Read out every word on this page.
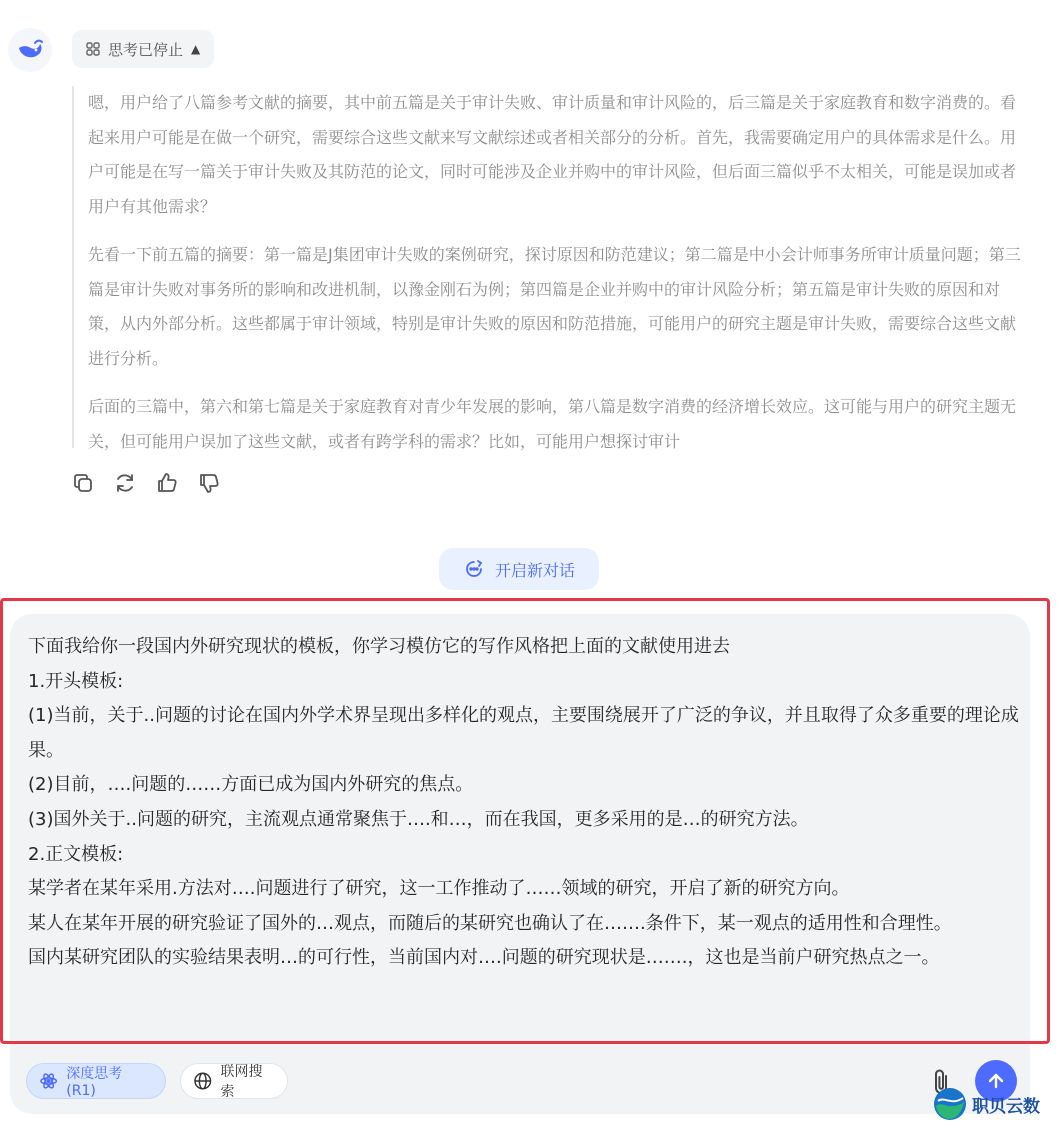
思考已停止 ▲

嗯，用户给了八篇参考文献的摘要，其中前五篇是关于审计失败、审计质量和审计风险的，后三篇是关于家庭教育和数字消费的。看起来用户可能是在做一个研究，需要综合这些文献来写文献综述或者相关部分的分析。首先，我需要确定用户的具体需求是什么。用户可能是在写一篇关于审计失败及其防范的论文，同时可能涉及企业并购中的审计风险，但后面三篇似乎不太相关，可能是误加或者用户有其他需求？

先看一下前五篇的摘要：第一篇是J集团审计失败的案例研究，探讨原因和防范建议；第二篇是中小会计师事务所审计质量问题；第三篇是审计失败对事务所的影响和改进机制，以豫金刚石为例；第四篇是企业并购中的审计风险分析；第五篇是审计失败的原因和对策，从内外部分析。这些都属于审计领域，特别是审计失败的原因和防范措施，可能用户的研究主题是审计失败，需要综合这些文献进行分析。

后面的三篇中，第六和第七篇是关于家庭教育对青少年发展的影响，第八篇是数字消费的经济增长效应。这可能与用户的研究主题无关，但可能用户误加了这些文献，或者有跨学科的需求？比如，可能用户想探讨审计

开启新对话
下面我给你一段国内外研究现状的模板，你学习模仿它的写作风格把上面的文献使用进去
1.开头模板:
(1)当前，关于..问题的讨论在国内外学术界呈现出多样化的观点，主要围绕展开了广泛的争议，并且取得了众多重要的理论成果。
(2)目前，….问题的……方面已成为国内外研究的焦点。
(3)国外关于..问题的研究，主流观点通常聚焦于….和…，而在我国，更多采用的是…的研究方法。
2.正文模板:
某学者在某年采用.方法对….问题进行了研究，这一工作推动了……领域的研究，开启了新的研究方向。
某人在某年开展的研究验证了国外的…观点，而随后的某研究也确认了在…….条件下，某一观点的适用性和合理性。
国内某研究团队的实验结果表明…的可行性，当前国内对….问题的研究现状是…….，这也是当前户研究热点之一。
深度思考 (R1)
联网搜索
职贝云数
